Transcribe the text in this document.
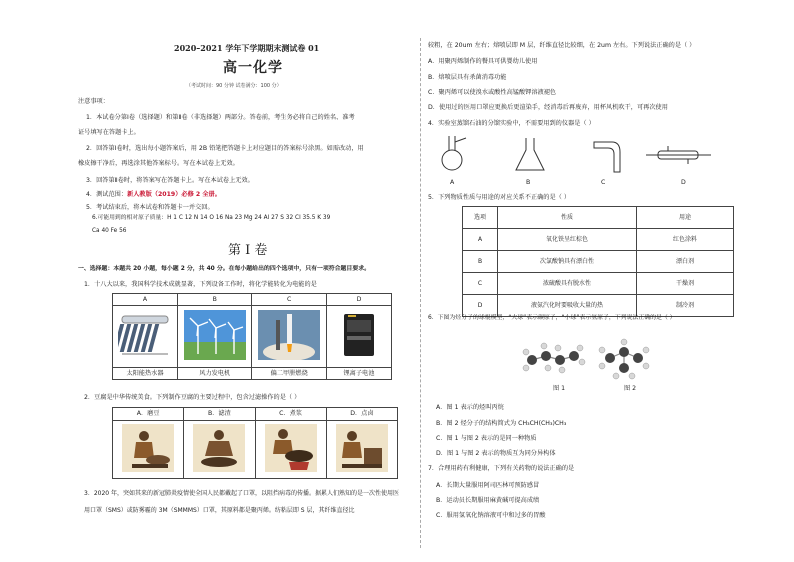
2020–2021 学年下学期期末测试卷 01
高一化学
（考试时间：90 分钟 试卷满分：100 分）
注意事项：
1．本试卷分第Ⅰ卷（选择题）和第Ⅱ卷（非选择题）两部分。答卷前，考生务必将自己的姓名、准考
证号填写在答题卡上。
2．回答第Ⅰ卷时，选出每小题答案后，用 2B 铅笔把答题卡上对应题目的答案标号涂黑。如需改动，用
橡皮擦干净后，再选涂其他答案标号。写在本试卷上无效。
3．回答第Ⅱ卷时，将答案写在答题卡上。写在本试卷上无效。
4．测试范围：新人教版（2019）必修 2 全册。
5．考试结束后，将本试卷和答题卡一并交回。
6.可能用到的相对原子质量：H 1 C 12 N 14 O 16 Na 23 Mg 24 Al 27 S 32 Cl 35.5 K 39
Ca 40 Fe 56
第 Ⅰ 卷
一、选择题：本题共 20 小题，每小题 2 分，共 40 分。在每小题给出的四个选项中，只有一项符合题目要求。
1．十八大以来，我国科学技术成就显著，下列设备工作时，将化学能转化为电能的是
A	B	C	D

太阳能热水器	风力发电机	偏二甲肼燃烧	锂离子电池
2．豆腐是中华传统美食。下列制作豆腐的主要过程中，包含过滤操作的是（ ）
A．磨豆	B．滤渣	C．煮浆	D．点卤

3．2020 年，突如其来的新冠肺炎疫情使全国人民都戴起了口罩，以阻挡病毒的传播。据累人们熟知的是一次性使用医
用口罩（SMS）或防雾霾的 3M（SMMMS）口罩，其原料都是聚丙烯。纺粘层即 S 层，其纤维直径比
较粗，在 20um 左右；熔喷层即 M 层，纤维直径比较细，在 2um 左右。下列说法正确的是（ ）
A．用聚丙烯制作的餐具可供婴幼儿使用
B．熔喷层具有杀菌消毒功能
C．聚丙烯可以使溴水或酸性高锰酸钾溶液褪色
D．使用过的医用口罩应更换后更渲染手，经消毒后再废弃，用杯风机吹干，可再次使用
4．实验室蒸馏石油的分馏实验中，不需要用到的仪器是（ ）
A	B	C	D
5．下列物质性质与用途的对应关系不正确的是（ ）
选项	性质	用途
A	氧化铁呈红棕色	红色涂料
B	次氯酸钠具有漂白性	漂白剂
C	浓硫酸具有脱水性	干燥剂
D	液氨汽化时要吸收大量的热	制冷剂
6．下图为烃分子的球棍模型，“大球”表示碳原子，“小球”表示氢原子，下列说法正确的是（ ）
图 1	图 2
A．图 1 表示的烃叫丙烷
B．图 2 烃分子的结构简式为 CH₃CH(CH₃)CH₃
C．图 1 与图 2 表示的是同一种物质
D．图 1 与图 2 表示的物质互为同分异构体
7．合理用药有利健康，下列有关药物的说法正确的是
A．长期大量服用阿司匹林可预防感冒
B．运动员长期服用麻黄碱可提高成绩
C．服用氢氧化钠溶液可中和过多的胃酸
